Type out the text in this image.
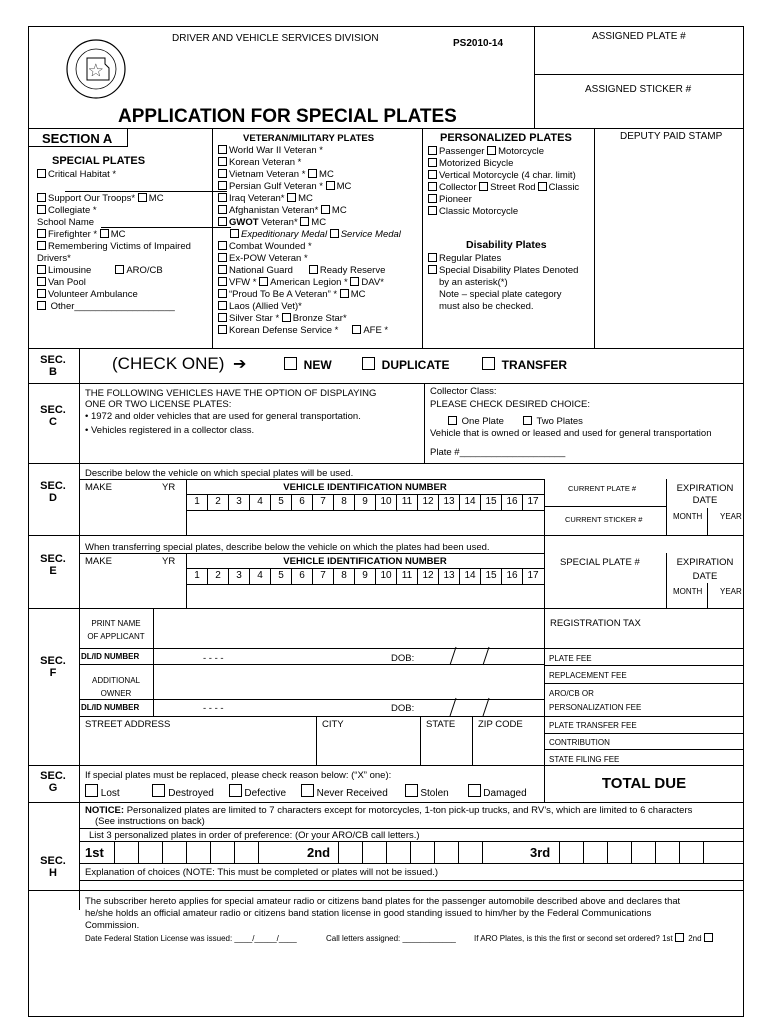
DRIVER AND VEHICLE SERVICES DIVISION	PS2010-14
ASSIGNED PLATE #
ASSIGNED STICKER #
APPLICATION FOR SPECIAL PLATES
SECTION A
SPECIAL PLATES
Critical Habitat *
Support Our Troops* MC
Collegiate *
School Name
Firefighter * MC
Remembering Victims of Impaired
Drivers*
Limousine	ARO/CB
Van Pool
Volunteer Ambulance
Other___________________
VETERAN/MILITARY PLATES
World War II Veteran *
Korean Veteran *
Vietnam Veteran * MC
Persian Gulf Veteran * MC
Iraq Veteran* MC
Afghanistan Veteran* MC
GWOT Veteran* MC
Expeditionary Medal Service Medal
Combat Wounded *
Ex-POW Veteran *
National Guard	Ready Reserve
VFW * American Legion * DAV*
“Proud To Be A Veteran” * MC
Laos (Allied Vet)*
Silver Star * Bronze Star*
Korean Defense Service *	AFE *
PERSONALIZED PLATES
Passenger Motorcycle
Motorized Bicycle
Vertical Motorcycle (4 char. limit)
Collector Street Rod Classic
Pioneer
Classic Motorcycle
Disability Plates
Regular Plates
Special Disability Plates Denoted
by an asterisk(*)
Note – special plate category
must also be checked.
DEPUTY PAID STAMP
SEC.
B	(CHECK ONE) ➔	NEW	DUPLICATE	TRANSFER
SEC.
C
THE FOLLOWING VEHICLES HAVE THE OPTION OF DISPLAYING
ONE OR TWO LICENSE PLATES:
• 1972 and older vehicles that are used for general transportation.
• Vehicles registered in a collector class.
Collector Class:
PLEASE CHECK DESIRED CHOICE:
One Plate	Two Plates
Vehicle that is owned or leased and used for general transportation
Plate #____________________
SEC.
D
Describe below the vehicle on which special plates will be used.
MAKE	YR	VEHICLE IDENTIFICATION NUMBER
1	2	3	4	5	6	7	8	9	10	11	12 13 14 15 16 17
CURRENT PLATE #
CURRENT STICKER #
EXPIRATION
DATE
MONTH YEAR
SEC.
E
When transferring special plates, describe below the vehicle on which the plates had been used.
MAKE	YR	VEHICLE IDENTIFICATION NUMBER
1	2	3	4	5	6	7	8	9	10	11	12 13 14 15 16 17
SPECIAL PLATE #	EXPIRATION
DATE
MONTH YEAR
SEC.
F
PRINT NAME
OF APPLICANT
DL/ID NUMBER	- - - -	DOB:
ADDITIONAL
OWNER
DL/ID NUMBER	- - - -	DOB:
STREET ADDRESS	CITY	STATE ZIP CODE
REGISTRATION TAX
PLATE FEE
REPLACEMENT FEE
ARO/CB OR
PERSONALIZATION FEE
PLATE TRANSFER FEE
CONTRIBUTION
STATE FILING FEE
SEC.
G
If special plates must be replaced, please check reason below: (“X” one):
Lost	Destroyed	Defective	Never Received	Stolen	Damaged
TOTAL DUE
SEC.
H
NOTICE: Personalized plates are limited to 7 characters except for motorcycles, 1-ton pick-up trucks, and RV’s, which are limited to 6 characters
(See instructions on back)
List 3 personalized plates in order of preference: (Or your ARO/CB call letters.)
1st	2nd	3rd
Explanation of choices (NOTE: This must be completed or plates will not be issued.)
The subscriber hereto applies for special amateur radio or citizens band plates for the passenger automobile described above and declares that
he/she holds an official amateur radio or citizens band station license in good standing issued to him/her by the Federal Communications
Commission.
Date Federal Station License was issued: ____/_____/____	Call letters assigned: ____________ If ARO Plates, is this the first or second set ordered? 1st 2nd
